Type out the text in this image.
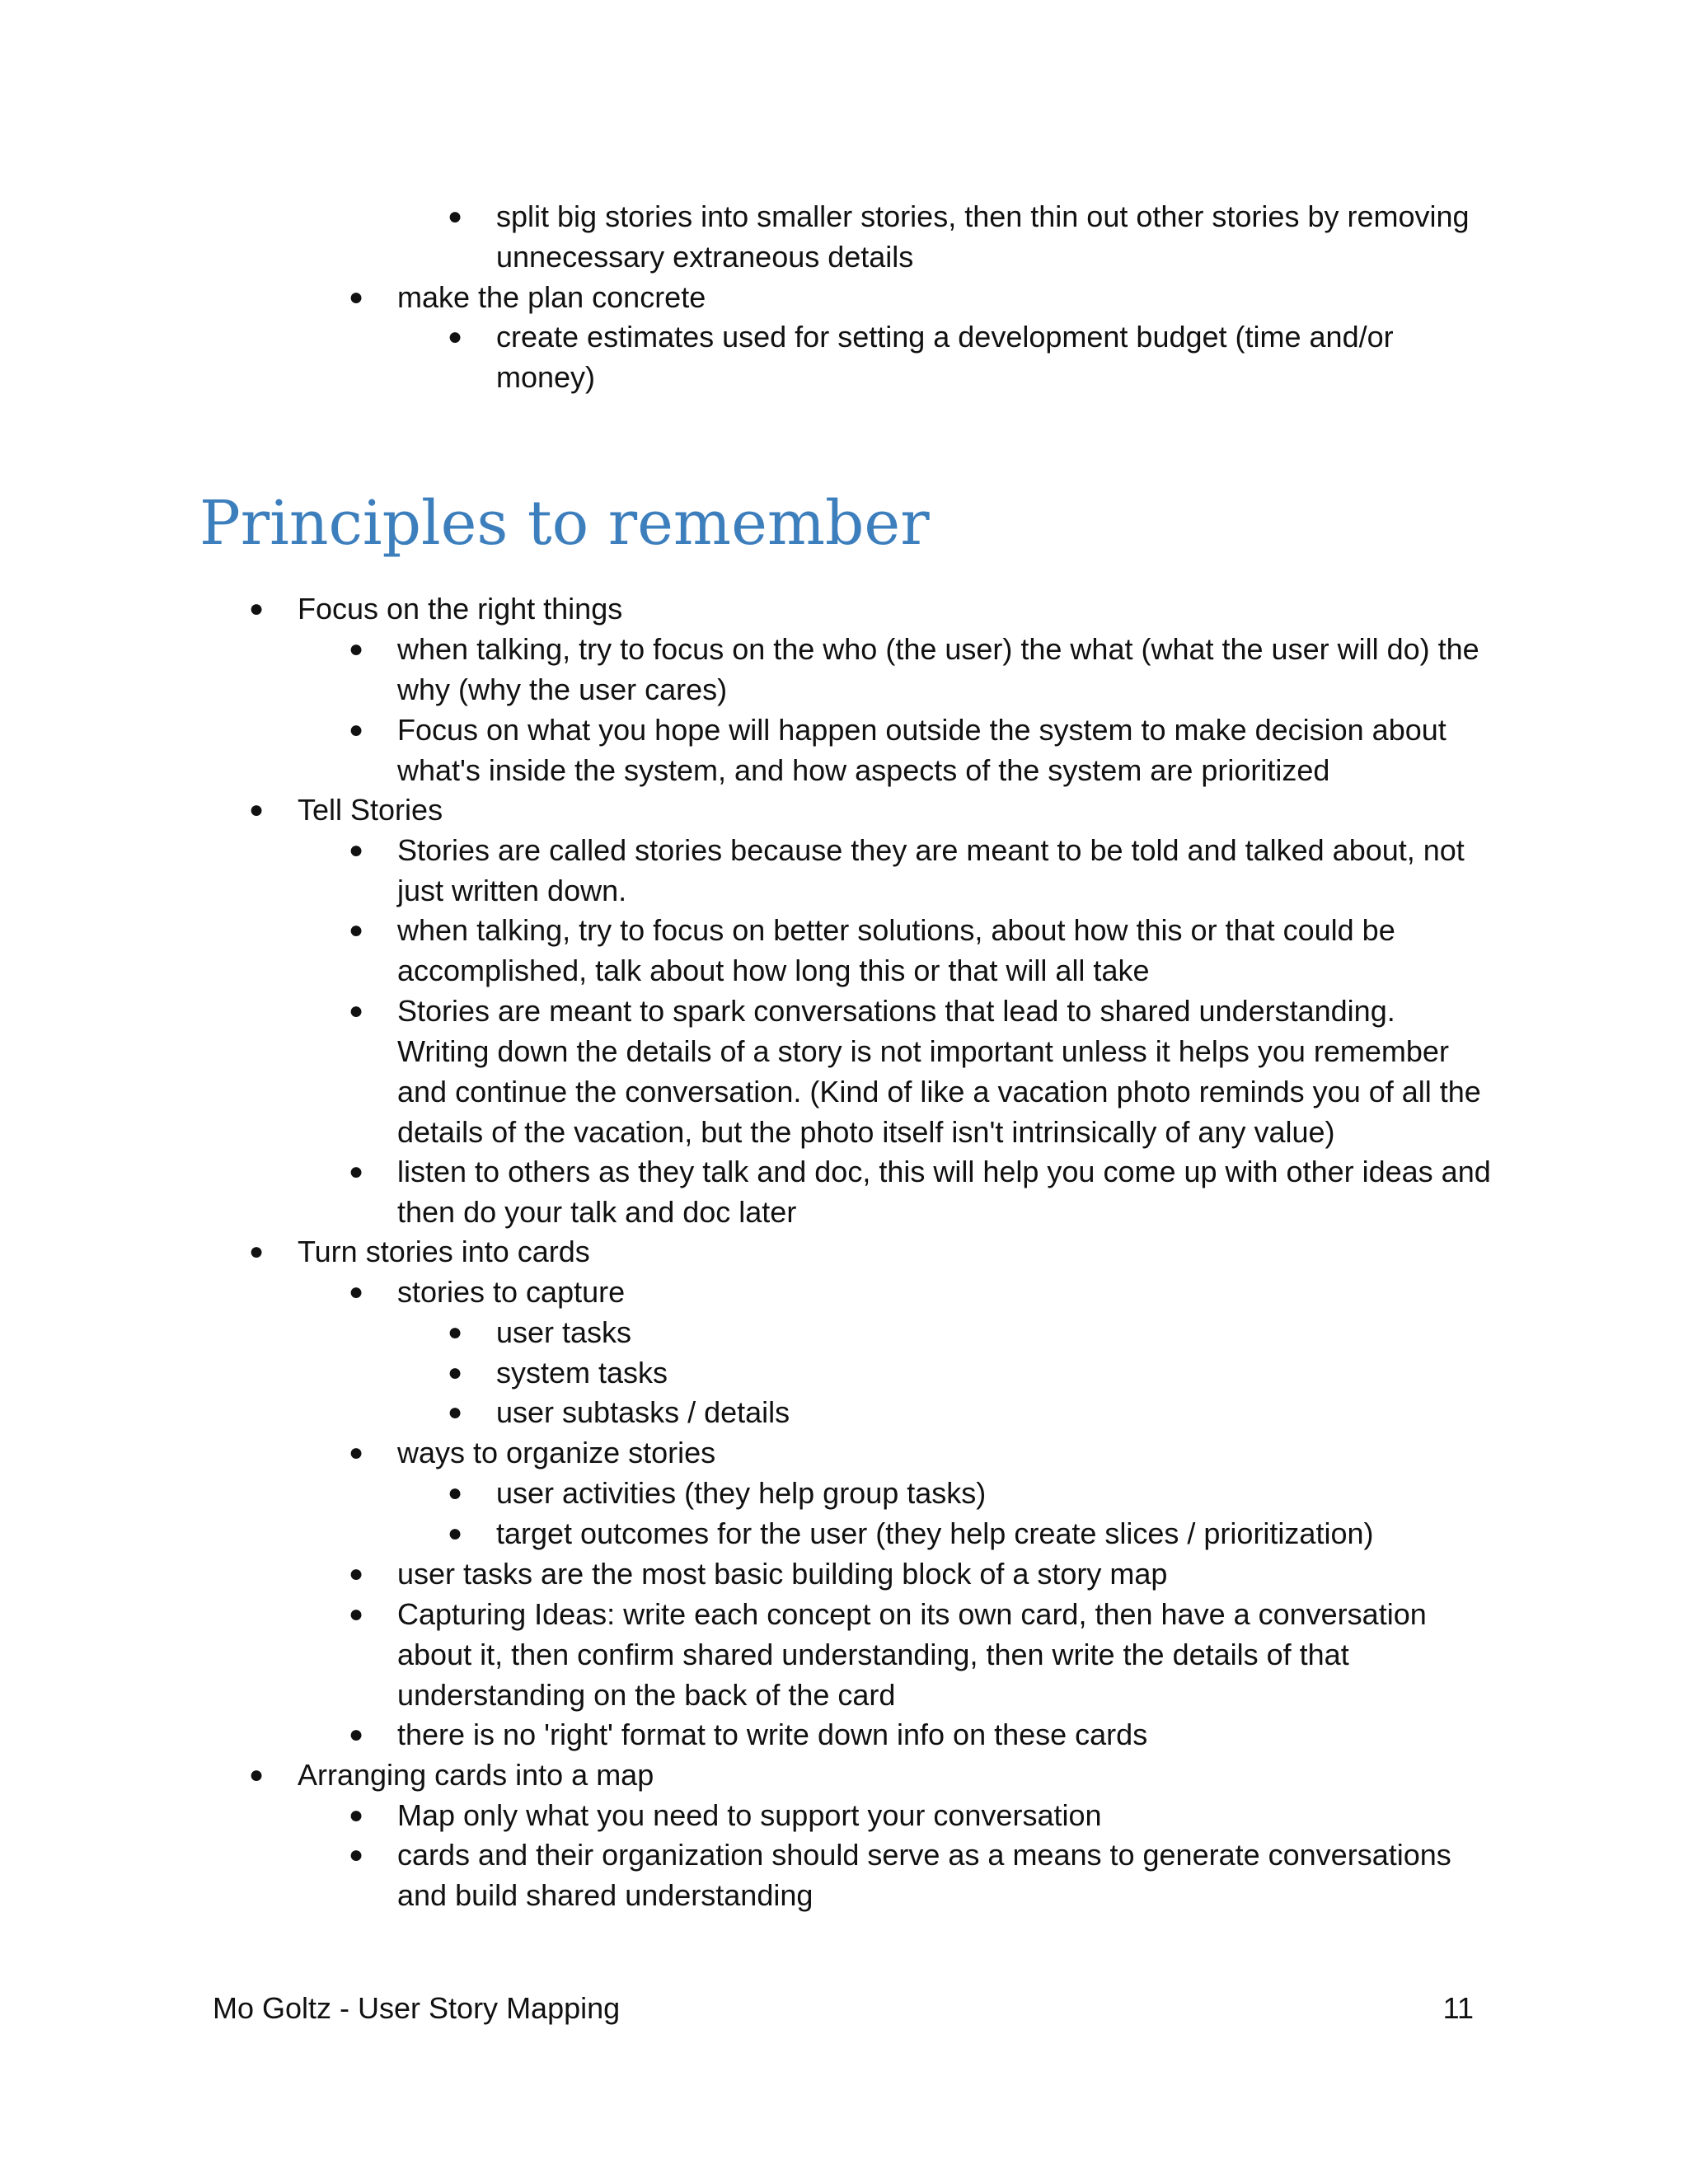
● split big stories into smaller stories, then thin out other stories by removing unnecessary extraneous details
● make the plan concrete
● create estimates used for setting a development budget (time and/or money)
Principles to remember
● Focus on the right things
● when talking, try to focus on the who (the user) the what (what the user will do) the why (why the user cares)
● Focus on what you hope will happen outside the system to make decision about what's inside the system, and how aspects of the system are prioritized
● Tell Stories
● Stories are called stories because they are meant to be told and talked about, not just written down.
● when talking, try to focus on better solutions, about how this or that could be accomplished, talk about how long this or that will all take
● Stories are meant to spark conversations that lead to shared understanding. Writing down the details of a story is not important unless it helps you remember and continue the conversation. (Kind of like a vacation photo reminds you of all the details of the vacation, but the photo itself isn't intrinsically of any value)
● listen to others as they talk and doc, this will help you come up with other ideas and then do your talk and doc later
● Turn stories into cards
● stories to capture
● user tasks
● system tasks
● user subtasks / details
● ways to organize stories
● user activities (they help group tasks)
● target outcomes for the user (they help create slices / prioritization)
● user tasks are the most basic building block of a story map
● Capturing Ideas: write each concept on its own card, then have a conversation about it, then confirm shared understanding, then write the details of that understanding on the back of the card
● there is no 'right' format to write down info on these cards
● Arranging cards into a map
● Map only what you need to support your conversation
● cards and their organization should serve as a means to generate conversations and build shared understanding
Mo Goltz - User Story Mapping	11
